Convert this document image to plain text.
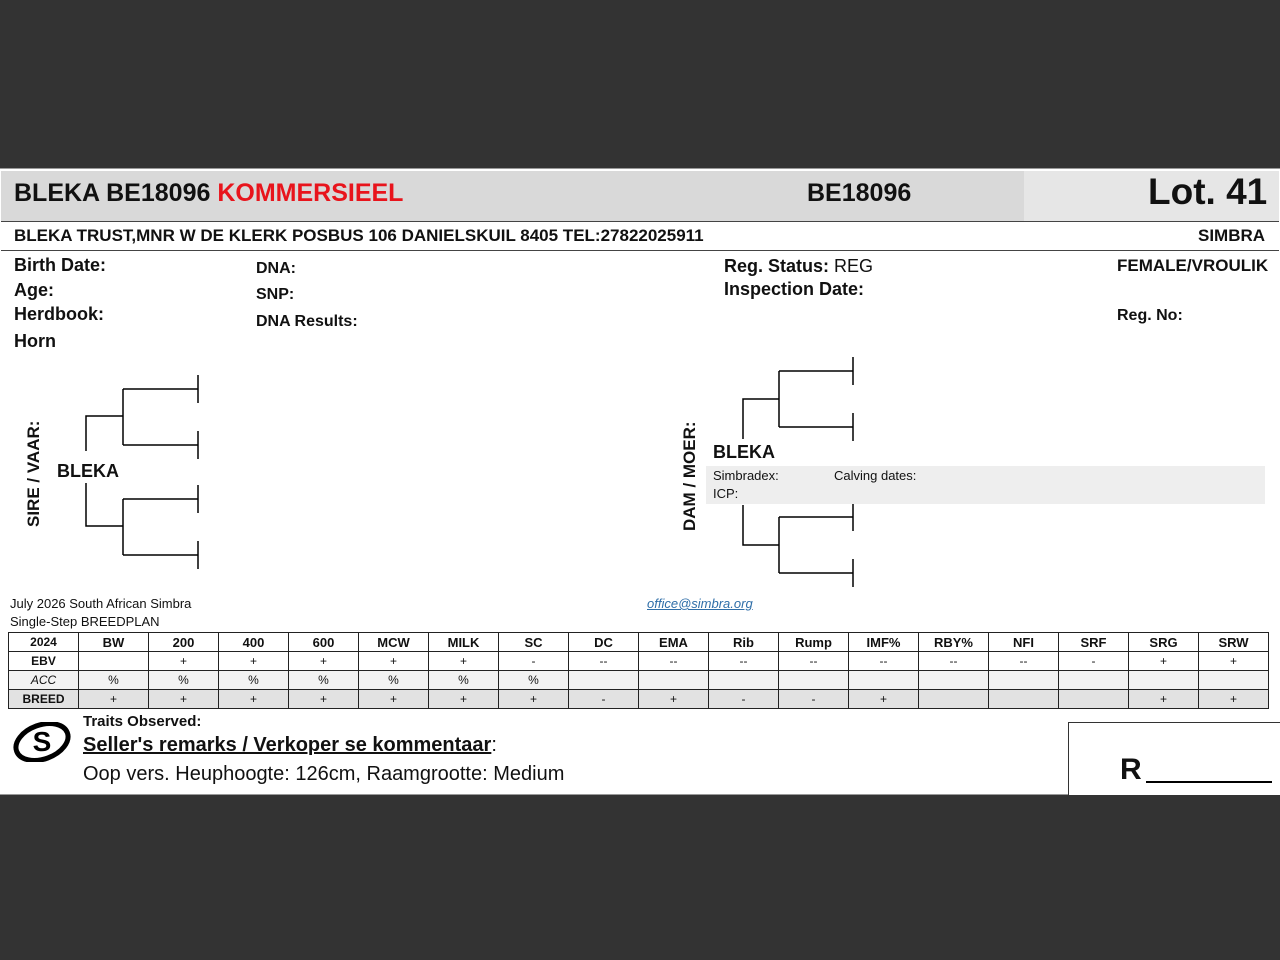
BLEKA BE18096 KOMMERSIEEL	BE18096	Lot. 41
BLEKA TRUST,MNR W DE KLERK POSBUS 106 DANIELSKUIL 8405 TEL:27822025911	SIMBRA
Birth Date:
Age:
Herdbook:
Horn
DNA:
SNP:
DNA Results:
Reg. Status: REG
Inspection Date:
FEMALE/VROULIK
Reg. No:
SIRE / VAAR: BLEKA	DAM / MOER: BLEKA
Simbradex:	Calving dates:
ICP:
July 2026 South African Simbra
Single-Step BREEDPLAN
office@simbra.org
2024	BW	200	400	600	MCW	MILK	SC	DC	EMA	Rib	Rump	IMF%	RBY%	NFI	SRF	SRG	SRW
EBV		+	+	+	+	+	-	--	--	--	--	--	--	--	-	+	+
ACC	%	%	%	%	%	%	%										
BREED	+	+	+	+	+	+	+	-	+	-	-	+				+	+
S
Traits Observed:
Seller's remarks / Verkoper se kommentaar:
Oop vers. Heuphoogte: 126cm, Raamgrootte: Medium	R
